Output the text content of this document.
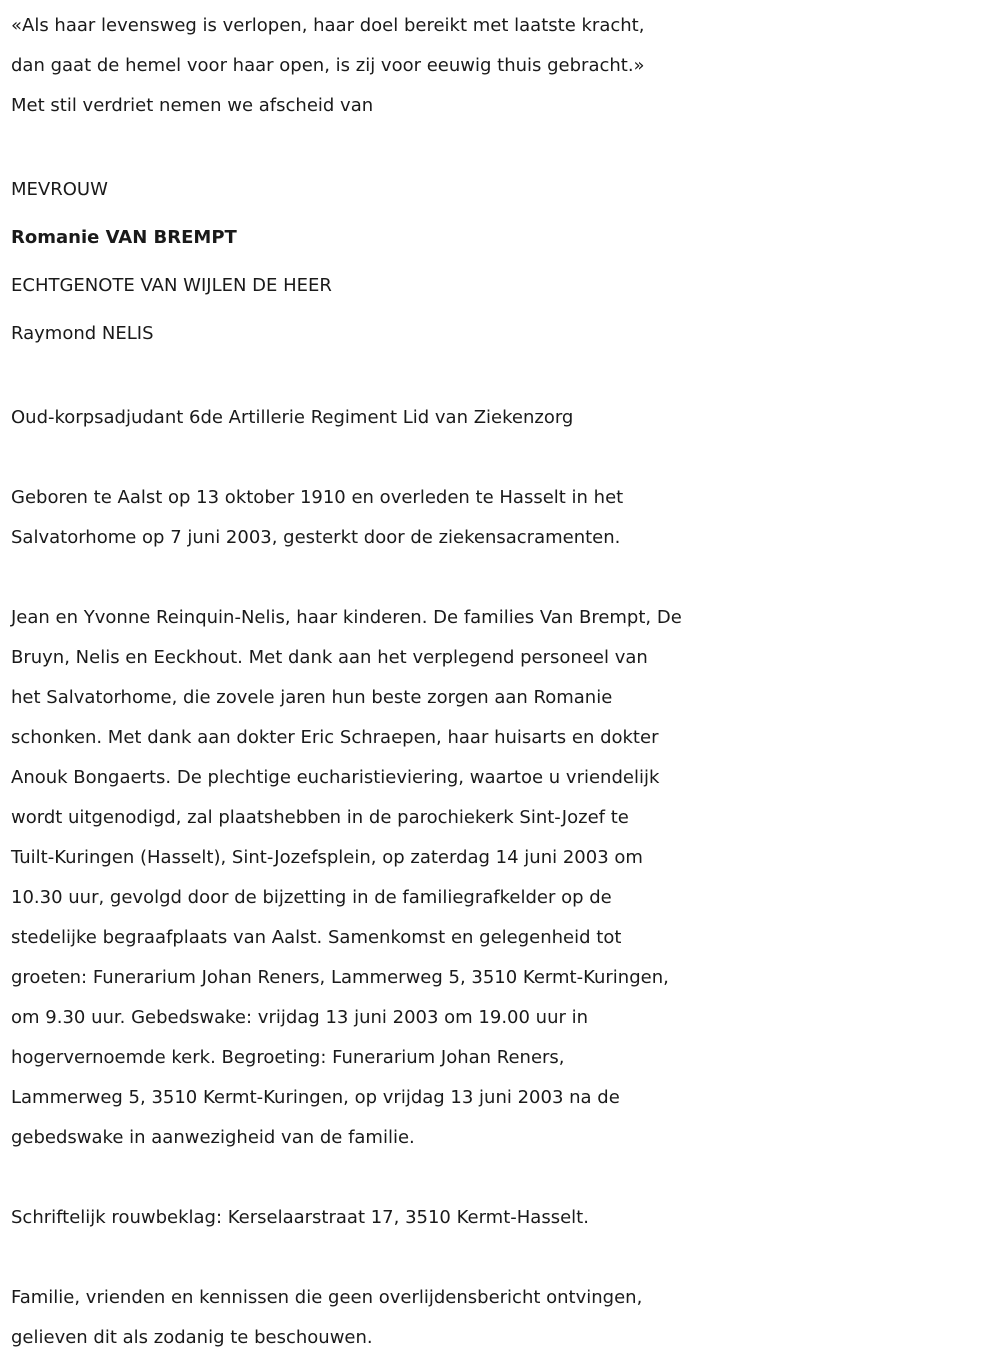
«Als haar levensweg is verlopen, haar doel bereikt met laatste kracht,
dan gaat de hemel voor haar open, is zij voor eeuwig thuis gebracht.»
Met stil verdriet nemen we afscheid van
MEVROUW
Romanie VAN BREMPT
ECHTGENOTE VAN WIJLEN DE HEER
Raymond NELIS
Oud-korpsadjudant 6de Artillerie Regiment Lid van Ziekenzorg
Geboren te Aalst op 13 oktober 1910 en overleden te Hasselt in het
Salvatorhome op 7 juni 2003, gesterkt door de ziekensacramenten.
Jean en Yvonne Reinquin-Nelis, haar kinderen. De families Van Brempt, De
Bruyn, Nelis en Eeckhout. Met dank aan het verplegend personeel van
het Salvatorhome, die zovele jaren hun beste zorgen aan Romanie
schonken. Met dank aan dokter Eric Schraepen, haar huisarts en dokter
Anouk Bongaerts. De plechtige eucharistieviering, waartoe u vriendelijk
wordt uitgenodigd, zal plaatshebben in de parochiekerk Sint-Jozef te
Tuilt-Kuringen (Hasselt), Sint-Jozefsplein, op zaterdag 14 juni 2003 om
10.30 uur, gevolgd door de bijzetting in de familiegrafkelder op de
stedelijke begraafplaats van Aalst. Samenkomst en gelegenheid tot
groeten: Funerarium Johan Reners, Lammerweg 5, 3510 Kermt-Kuringen,
om 9.30 uur. Gebedswake: vrijdag 13 juni 2003 om 19.00 uur in
hogervernoemde kerk. Begroeting: Funerarium Johan Reners,
Lammerweg 5, 3510 Kermt-Kuringen, op vrijdag 13 juni 2003 na de
gebedswake in aanwezigheid van de familie.
Schriftelijk rouwbeklag: Kerselaarstraat 17, 3510 Kermt-Hasselt.
Familie, vrienden en kennissen die geen overlijdensbericht ontvingen,
gelieven dit als zodanig te beschouwen.
